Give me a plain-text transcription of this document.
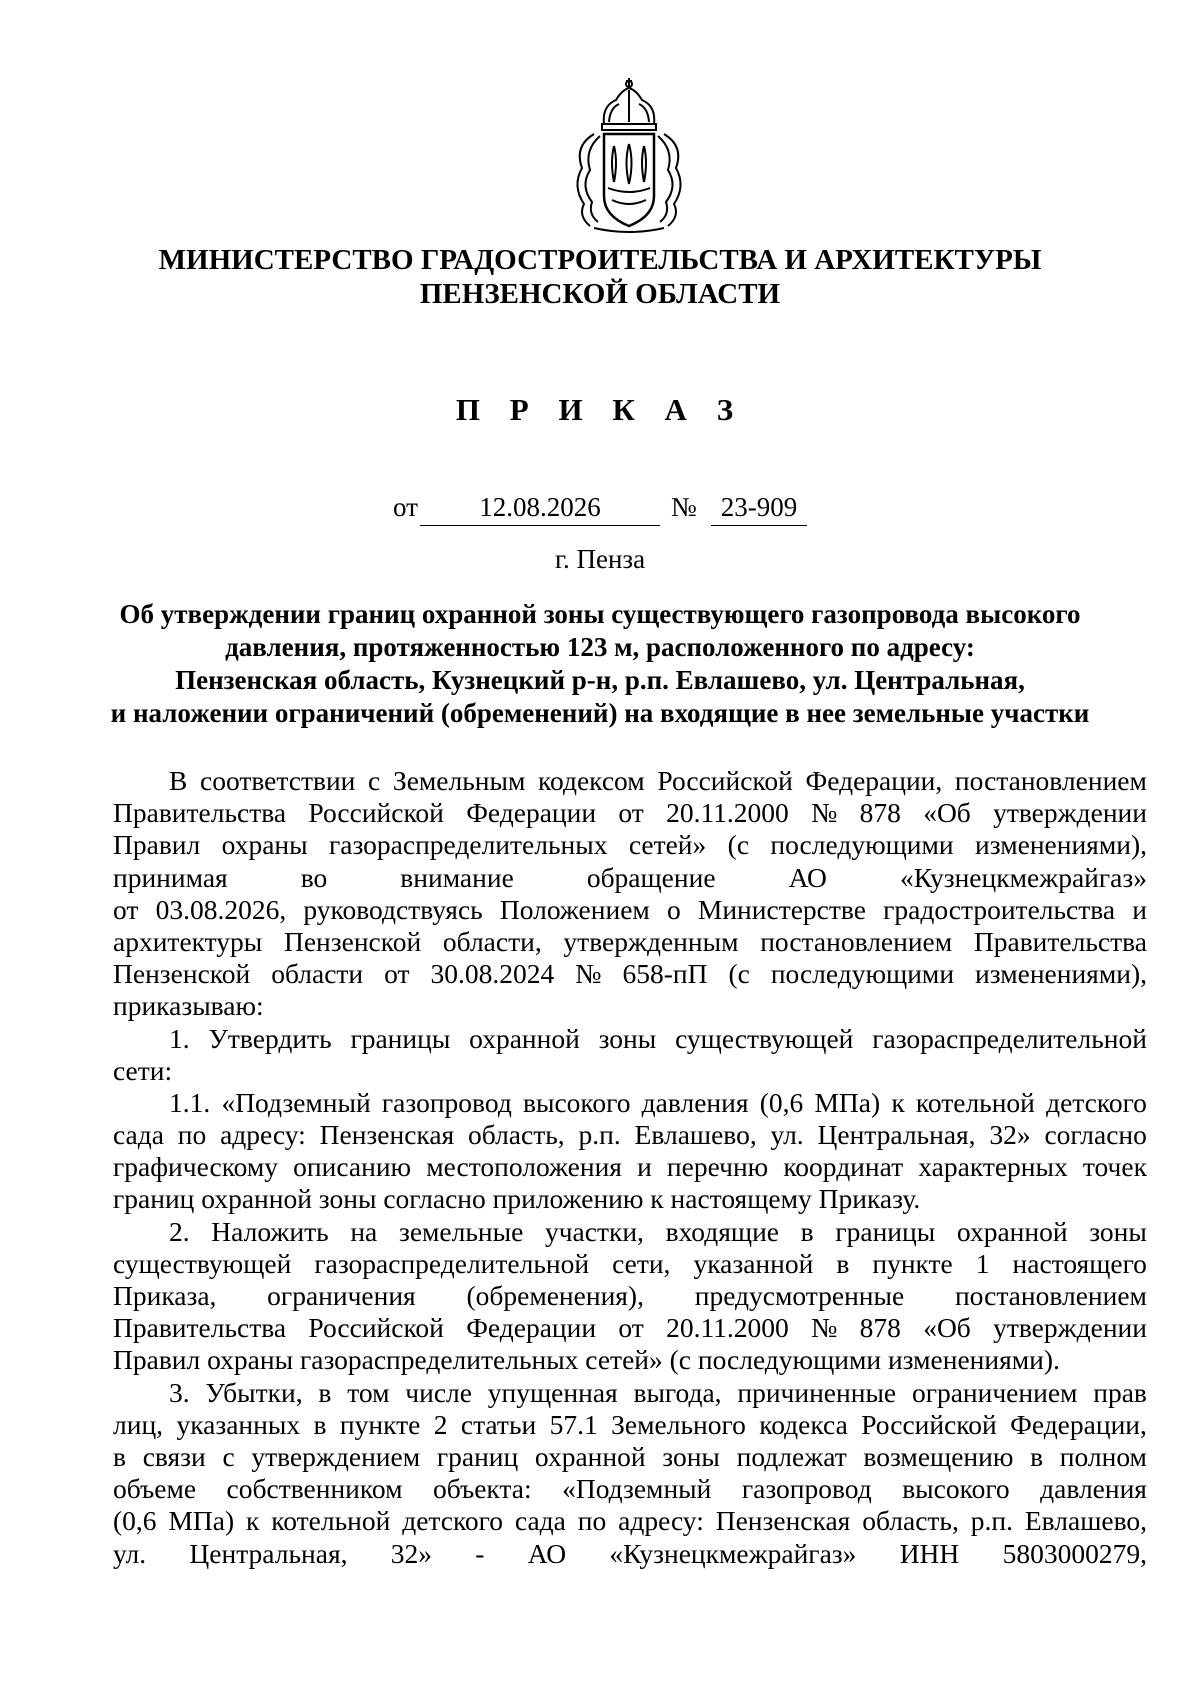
МИНИСТЕРСТВО ГРАДОСТРОИТЕЛЬСТВА И АРХИТЕКТУРЫ
ПЕНЗЕНСКОЙ ОБЛАСТИ
П Р И К А З
от	12.08.2026	№ 23-909
г. Пенза
Об утверждении границ охранной зоны существующего газопровода высокого
давления, протяженностью 123 м, расположенного по адресу:
Пензенская область, Кузнецкий р-н, р.п. Евлашево, ул. Центральная,
и наложении ограничений (обременений) на входящие в нее земельные участки
В соответствии с Земельным кодексом Российской Федерации, постановлением
Правительства Российской Федерации от 20.11.2000 № 878 «Об утверждении
Правил охраны газораспределительных сетей» (с последующими изменениями),
принимая	во	внимание	обращение	АО	«Кузнецкмежрайгаз»
от 03.08.2026, руководствуясь Положением о Министерстве градостроительства и
архитектуры Пензенской области, утвержденным постановлением Правительства
Пензенской области от 30.08.2024 № 658-пП (с последующими изменениями),
приказываю:
1. Утвердить границы охранной зоны существующей газораспределительной
сети:
1.1. «Подземный газопровод высокого давления (0,6 МПа) к котельной детского
сада по адресу: Пензенская область, р.п. Евлашево, ул. Центральная, 32» согласно
графическому описанию местоположения и перечню координат характерных точек
границ охранной зоны согласно приложению к настоящему Приказу.
2. Наложить на земельные участки, входящие в границы охранной зоны
существующей газораспределительной сети, указанной в пункте 1 настоящего
Приказа, ограничения (обременения), предусмотренные постановлением
Правительства Российской Федерации от 20.11.2000 № 878 «Об утверждении
Правил охраны газораспределительных сетей» (с последующими изменениями).
3. Убытки, в том числе упущенная выгода, причиненные ограничением прав
лиц, указанных в пункте 2 статьи 57.1 Земельного кодекса Российской Федерации,
в связи с утверждением границ охранной зоны подлежат возмещению в полном
объеме собственником объекта: «Подземный газопровод высокого давления
(0,6 МПа) к котельной детского сада по адресу: Пензенская область, р.п. Евлашево,
ул. Центральная, 32» - АО «Кузнецкмежрайгаз» ИНН 5803000279,
